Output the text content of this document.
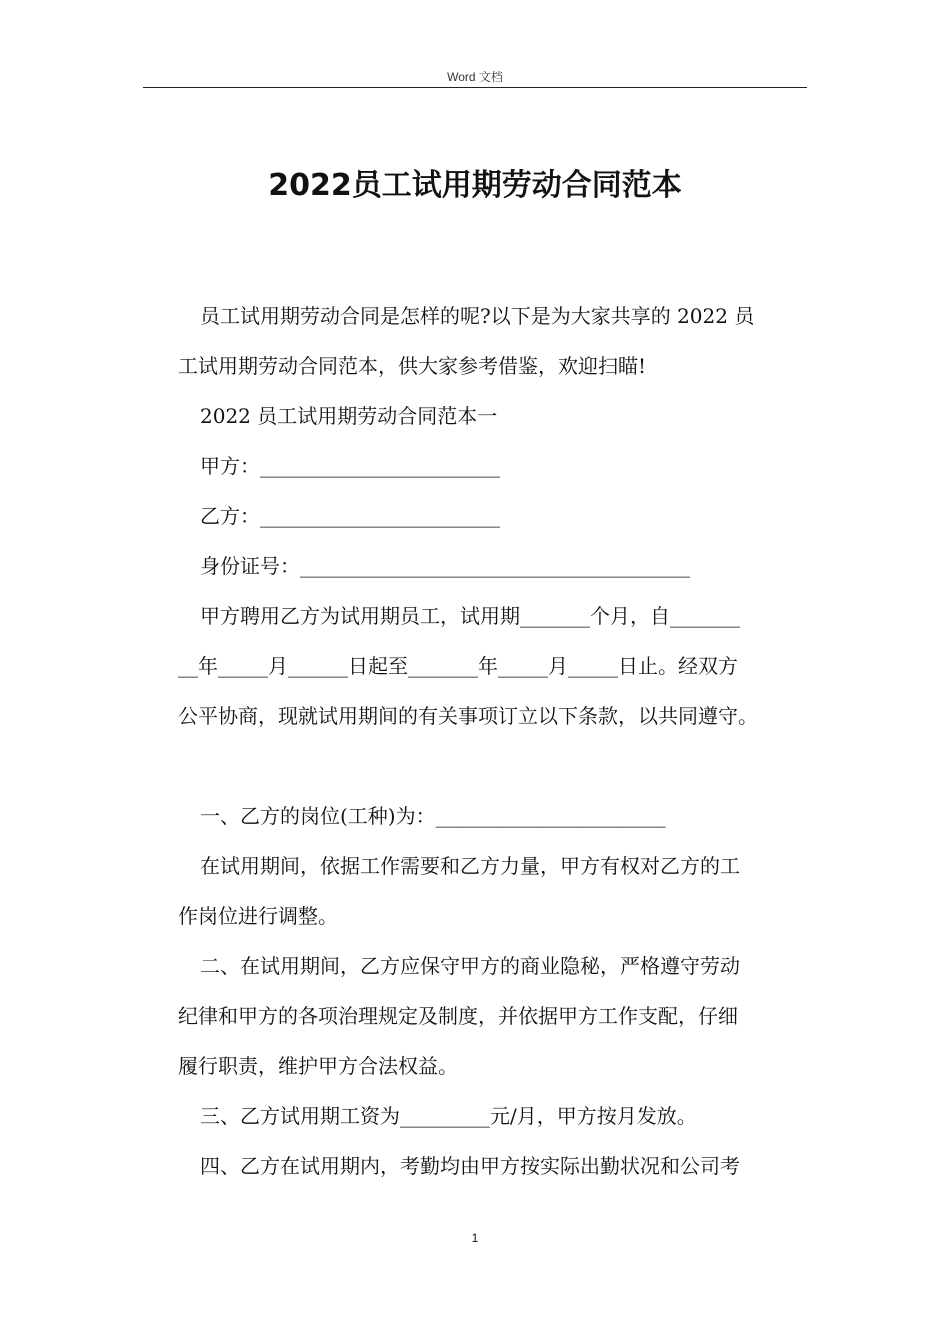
Word 文档
2022员工试用期劳动合同范本
员工试用期劳动合同是怎样的呢?以下是为大家共享的 2022 员
工试用期劳动合同范本，供大家参考借鉴，欢迎扫瞄!
2022 员工试用期劳动合同范本一
甲方：________________________
乙方：________________________
身份证号：_______________________________________
甲方聘用乙方为试用期员工，试用期_______个月，自_______
__年_____月______日起至_______年_____月_____日止。经双方
公平协商，现就试用期间的有关事项订立以下条款，以共同遵守。
一、乙方的岗位(工种)为：_______________________
在试用期间，依据工作需要和乙方力量，甲方有权对乙方的工
作岗位进行调整。
二、在试用期间，乙方应保守甲方的商业隐秘，严格遵守劳动
纪律和甲方的各项治理规定及制度，并依据甲方工作支配，仔细
履行职责，维护甲方合法权益。
三、乙方试用期工资为_________元/月，甲方按月发放。
四、乙方在试用期内，考勤均由甲方按实际出勤状况和公司考
1
